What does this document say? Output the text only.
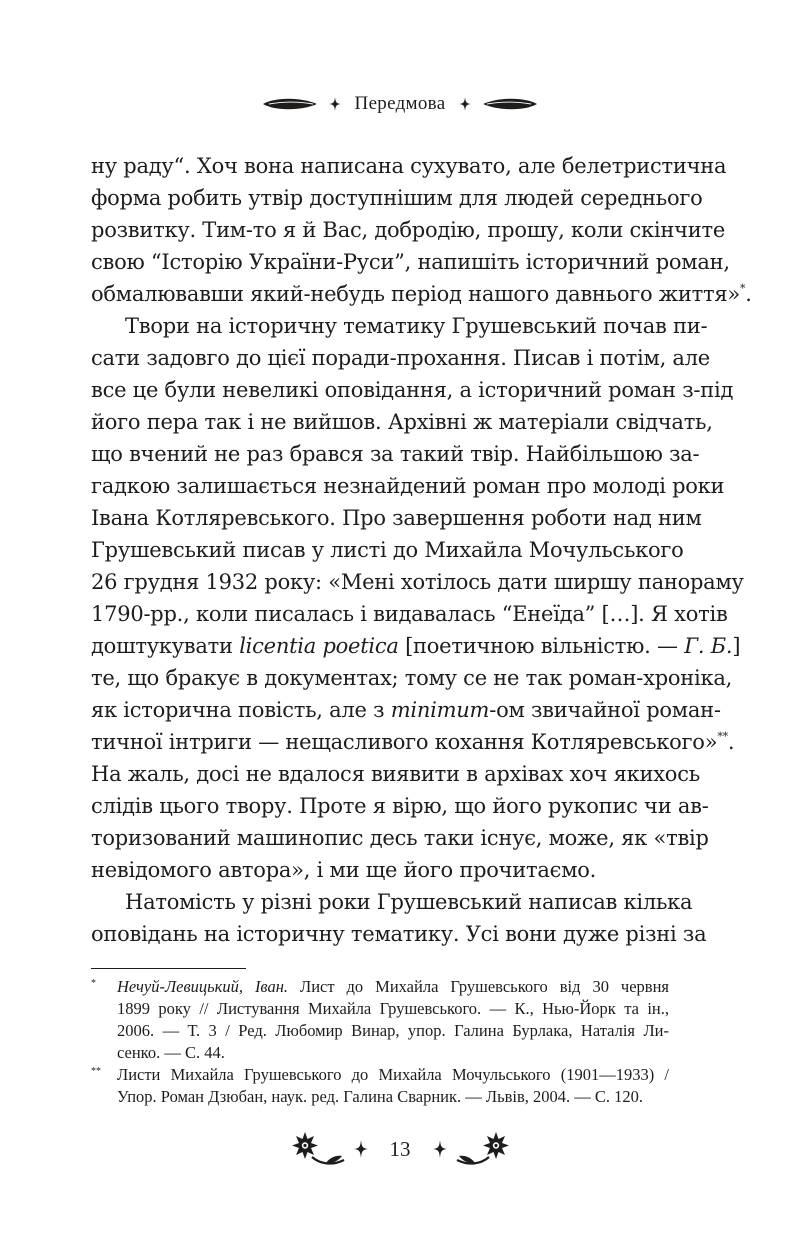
Передмова
ну раду“. Хоч вона написана сухувато, але белетристична
форма робить утвір доступнішим для людей середнього
розвитку. Тим-то я й Вас, добродію, прошу, коли скінчите
свою “Історію України-Руси”, напишіть історичний роман,
обмалювавши який-небудь період нашого давнього життя»*.
Твори на історичну тематику Грушевський почав пи-
сати задовго до цієї поради-прохання. Писав і потім, але
все це були невеликі оповідання, а історичний роман з-під
його пера так і не вийшов. Архівні ж матеріали свідчать,
що вчений не раз брався за такий твір. Найбільшою за-
гадкою залишається незнайдений роман про молоді роки
Івана Котляревського. Про завершення роботи над ним
Грушевський писав у листі до Михайла Мочульського
26 грудня 1932 року: «Мені хотілось дати ширшу панораму
1790-рр., коли писалась і видавалась “Енеїда” […]. Я хотів
доштукувати licentia poetica [поетичною вільністю. — Г. Б.]
те, що бракує в документах; тому се не так роман-хроніка,
як історична повість, але з minimum-ом звичайної роман-
тичної інтриги — нещасливого кохання Котляревського»**.
На жаль, досі не вдалося виявити в архівах хоч якихось
слідів цього твору. Проте я вірю, що його рукопис чи ав-
торизований машинопис десь таки існує, може, як «твір
невідомого автора», і ми ще його прочитаємо.
Натомість у різні роки Грушевський написав кілька
оповідань на історичну тематику. Усі вони дуже різні за
*	Нечуй-Левицький, Іван. Лист до Михайла Грушевського від 30 червня
1899 року // Листування Михайла Грушевського. — К., Нью-Йорк та ін.,
2006. — Т. 3 / Ред. Любомир Винар, упор. Галина Бурлака, Наталія Ли-
сенко. — С. 44.
** Листи Михайла Грушевського до Михайла Мочульського (1901—1933) /
Упор. Роман Дзюбан, наук. ред. Галина Сварник. — Львів, 2004. — С. 120.
13
